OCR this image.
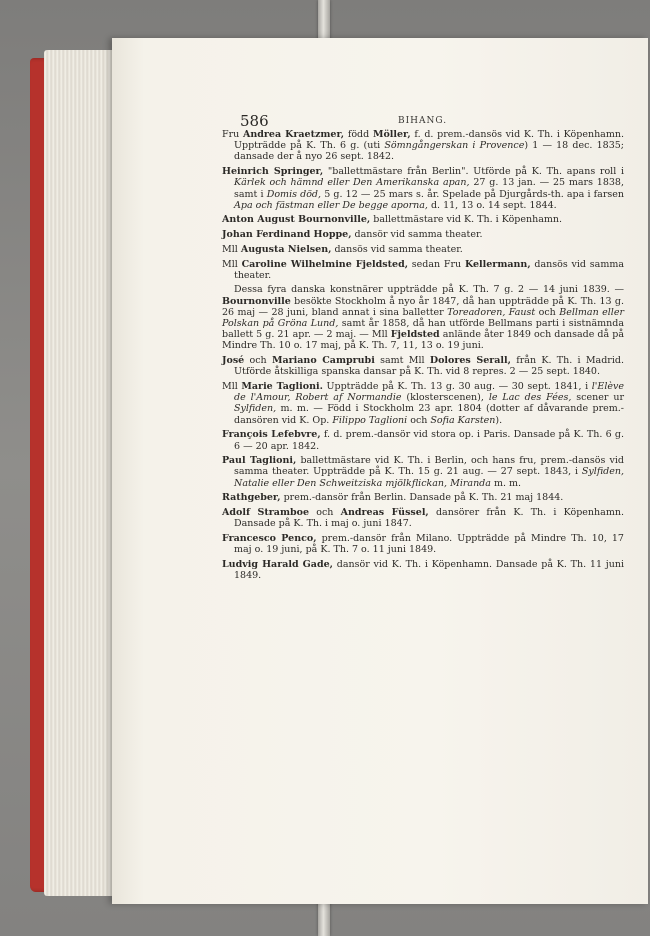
586	BIHANG.

Fru Andrea Kraetzmer, född Möller, f. d. prem.-dansös vid K. Th. i Köpenhamn. Uppträdde på K. Th. 6 g. (uti Sömngångerskan i Provence) 1 — 18 dec. 1835; dansade der å nyo 26 sept. 1842.

Heinrich Springer, "ballettmästare från Berlin". Utförde på K. Th. apans roll i Kärlek och hämnd eller Den Amerikanska apan, 27 g. 13 jan. — 25 mars 1838, samt i Domis död, 5 g. 12 — 25 mars s. år. Spelade på Djurgårds-th. apa i farsen Apa och fästman eller De begge aporna, d. 11, 13 o. 14 sept. 1844.

Anton August Bournonville, ballettmästare vid K. Th. i Köpenhamn.

Johan Ferdinand Hoppe, dansör vid samma theater.

Mll Augusta Nielsen, dansös vid samma theater.

Mll Caroline Wilhelmine Fjeldsted, sedan Fru Kellermann, dansös vid samma theater.

Dessa fyra danska konstnärer uppträdde på K. Th. 7 g. 2 — 14 juni 1839. — Bournonville besökte Stockholm å nyo år 1847, då han uppträdde på K. Th. 13 g. 26 maj — 28 juni, bland annat i sina balletter Toreadoren, Faust och Bellman eller Polskan på Gröna Lund, samt år 1858, då han utförde Bellmans parti i sistnämnda ballett 5 g. 21 apr. — 2 maj. — Mll Fjeldsted anlände åter 1849 och dansade då på Mindre Th. 10 o. 17 maj, på K. Th. 7, 11, 13 o. 19 juni.

José och Mariano Camprubi samt Mll Dolores Serall, från K. Th. i Madrid. Utförde åtskilliga spanska dansar på K. Th. vid 8 repres. 2 — 25 sept. 1840.

Mll Marie Taglioni. Uppträdde på K. Th. 13 g. 30 aug. — 30 sept. 1841, i l'Elève de l'Amour, Robert af Normandie (klosterscenen), le Lac des Fées, scener ur Sylfiden, m. m. — Född i Stockholm 23 apr. 1804 (dotter af dåvarande prem.-dansören vid K. Op. Filippo Taglioni och Sofia Karsten).

François Lefebvre, f. d. prem.-dansör vid stora op. i Paris. Dansade på K. Th. 6 g. 6 — 20 apr. 1842.

Paul Taglioni, ballettmästare vid K. Th. i Berlin, och hans fru, prem.-dansös vid samma theater. Uppträdde på K. Th. 15 g. 21 aug. — 27 sept. 1843, i Sylfiden, Natalie eller Den Schweitziska mjölkflickan, Miranda m. m.

Rathgeber, prem.-dansör från Berlin. Dansade på K. Th. 21 maj 1844.

Adolf Stramboe och Andreas Füssel, dansörer från K. Th. i Köpenhamn. Dansade på K. Th. i maj o. juni 1847.

Francesco Penco, prem.-dansör från Milano. Uppträdde på Mindre Th. 10, 17 maj o. 19 juni, på K. Th. 7 o. 11 juni 1849.

Ludvig Harald Gade, dansör vid K. Th. i Köpenhamn. Dansade på K. Th. 11 juni 1849.
